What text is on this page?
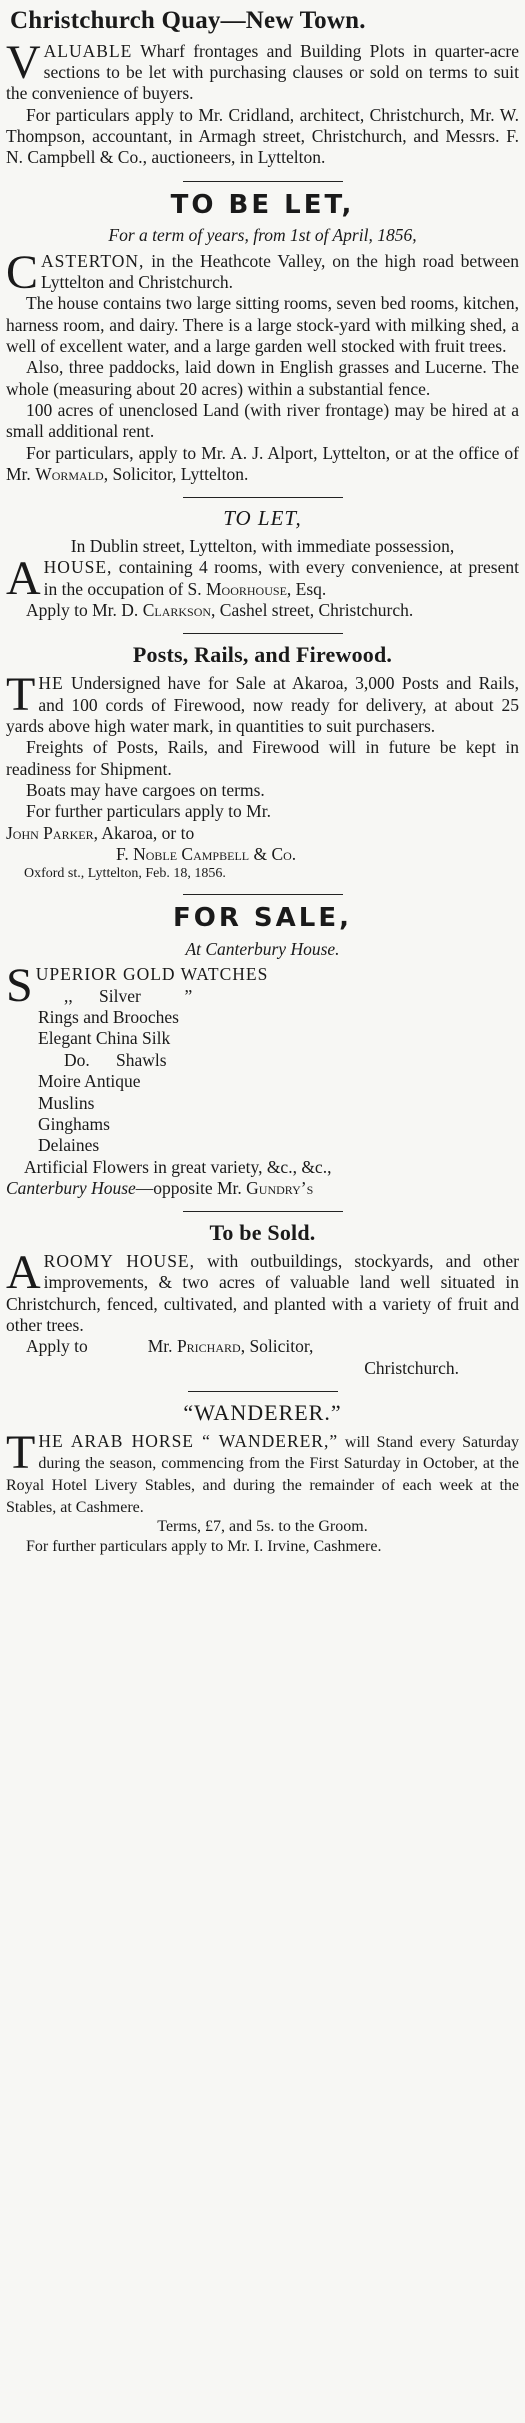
Christchurch Quay—New Town.

VALUABLE Wharf frontages and Building Plots in quarter-acre sections to be let with purchasing clauses or sold on terms to suit the convenience of buyers.

For particulars apply to Mr. Cridland, architect, Christchurch, Mr. W. Thompson, accountant, in Armagh street, Christchurch, and Messrs. F. N. Campbell & Co., auctioneers, in Lyttelton.

TO BE LET,
For a term of years, from 1st of April, 1856,

CASTERTON, in the Heathcote Valley, on the high road between Lyttelton and Christchurch.

The house contains two large sitting rooms, seven bed rooms, kitchen, harness room, and dairy. There is a large stock-yard with milking shed, a well of excellent water, and a large garden well stocked with fruit trees.

Also, three paddocks, laid down in English grasses and Lucerne. The whole (measuring about 20 acres) within a substantial fence.

100 acres of unenclosed Land (with river frontage) may be hired at a small additional rent.

For particulars, apply to Mr. A. J. Alport, Lyttelton, or at the office of Mr. Wormald, Solicitor, Lyttelton.

TO LET,
In Dublin street, Lyttelton, with immediate possession,

A HOUSE, containing 4 rooms, with every convenience, at present in the occupation of S. Moorhouse, Esq.

Apply to Mr. D. Clarkson, Cashel street, Christchurch.

Posts, Rails, and Firewood.

THE Undersigned have for Sale at Akaroa, 3,000 Posts and Rails, and 100 cords of Firewood, now ready for delivery, at about 25 yards above high water mark, in quantities to suit purchasers.

Freights of Posts, Rails, and Firewood will in future be kept in readiness for Shipment.

Boats may have cargoes on terms.

For further particulars apply to Mr.

John Parker, Akaroa, or to

F. Noble Campbell & Co.

Oxford st., Lyttelton, Feb. 18, 1856.

FOR SALE,
At Canterbury House.

SUPERIOR GOLD WATCHES

,,      Silver          ”
Rings and Brooches
Elegant China Silk
Do.      Shawls
Moire Antique
Muslins
Ginghams
Delaines

Artificial Flowers in great variety, &c., &c.,

Canterbury House—opposite Mr. Gundry’s

To be Sold.

A ROOMY HOUSE, with outbuildings, stockyards, and other improvements, & two acres of valuable land well situated in Christchurch, fenced, cultivated, and planted with a variety of fruit and other trees.

Apply to	Mr. Prichard, Solicitor,

Christchurch.

“WANDERER.”

THE ARAB HORSE “ WANDERER,” will Stand every Saturday during the season, commencing from the First Saturday in October, at the Royal Hotel Livery Stables, and during the remainder of each week at the Stables, at Cashmere.

Terms, £7, and 5s. to the Groom.

For further particulars apply to Mr. I. Irvine, Cashmere.
